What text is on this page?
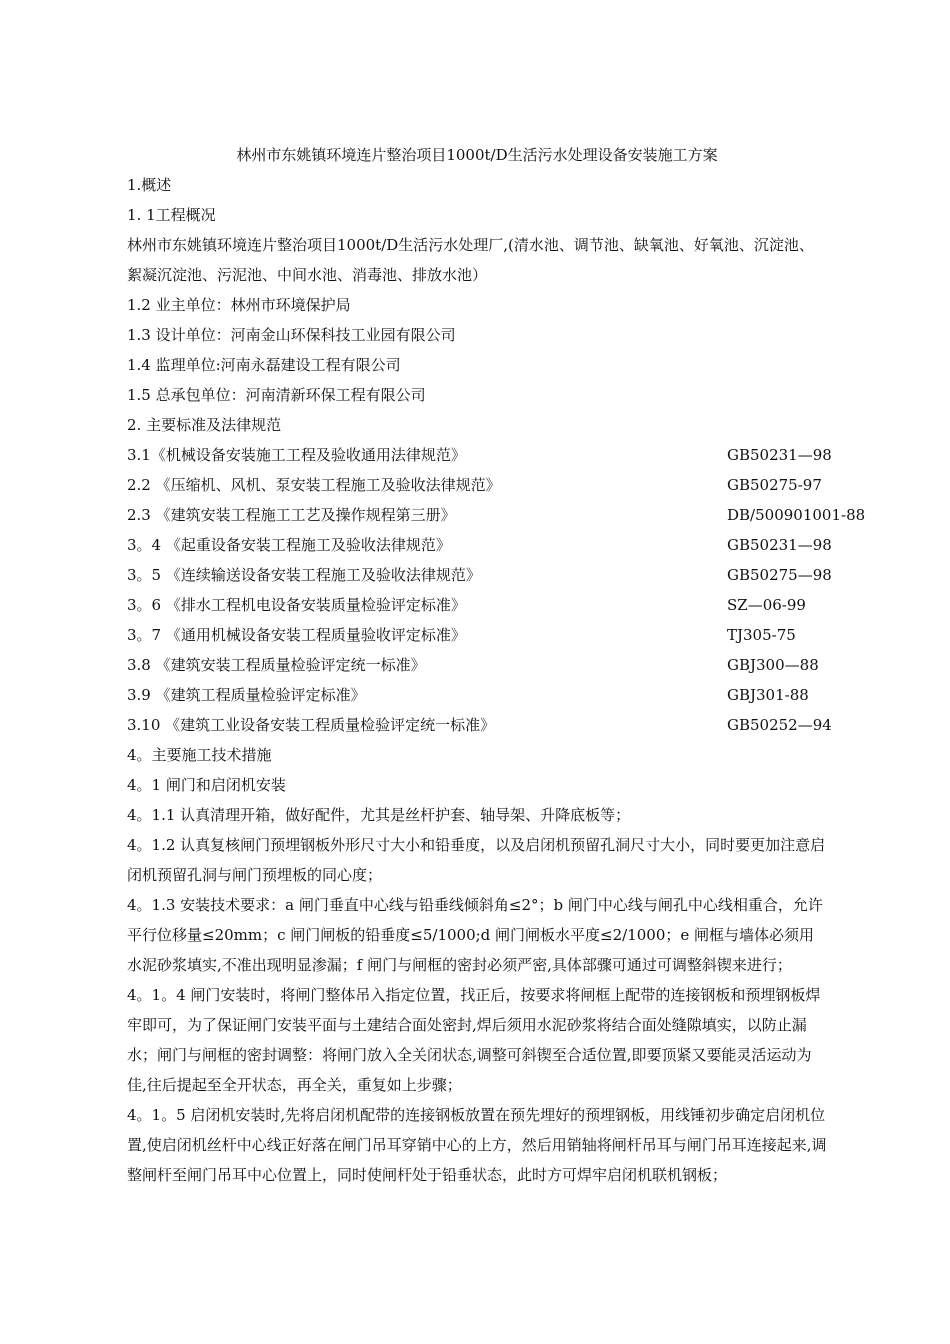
林州市东姚镇环境连片整治项目1000t/D生活污水处理设备安装施工方案

1.概述

1. 1工程概况

林州市东姚镇环境连片整治项目1000t/D生活污水处理厂,(清水池、调节池、缺氧池、好氧池、沉淀池、絮凝沉淀池、污泥池、中间水池、消毒池、排放水池）

1.2 业主单位：林州市环境保护局

1.3 设计单位：河南金山环保科技工业园有限公司

1.4 监理单位:河南永磊建设工程有限公司

1.5 总承包单位：河南清新环保工程有限公司

2. 主要标准及法律规范

3.1《机械设备安装施工工程及验收通用法律规范》	GB50231—98
2.2 《压缩机、风机、泵安装工程施工及验收法律规范》	GB50275-97
2.3 《建筑安装工程施工工艺及操作规程第三册》	DB/500901001-88
3。4 《起重设备安装工程施工及验收法律规范》	GB50231—98
3。5 《连续输送设备安装工程施工及验收法律规范》	GB50275—98
3。6 《排水工程机电设备安装质量检验评定标准》	SZ—06-99
3。7 《通用机械设备安装工程质量验收评定标准》	TJ305-75
3.8 《建筑安装工程质量检验评定统一标准》	GBJ300—88
3.9 《建筑工程质量检验评定标准》	GBJ301-88
3.10 《建筑工业设备安装工程质量检验评定统一标准》	GB50252—94

4。主要施工技术措施

4。1 闸门和启闭机安装

4。1.1 认真清理开箱，做好配件，尤其是丝杆护套、轴导架、升降底板等；

4。1.2 认真复核闸门预埋钢板外形尺寸大小和铅垂度，以及启闭机预留孔洞尺寸大小，同时要更加注意启闭机预留孔洞与闸门预埋板的同心度；

4。1.3 安装技术要求：a 闸门垂直中心线与铅垂线倾斜角≤2°；b 闸门中心线与闸孔中心线相重合，允许平行位移量≤20mm；c 闸门闸板的铅垂度≤5/1000;d 闸门闸板水平度≤2/1000；e 闸框与墙体必须用水泥砂浆填实,不准出现明显渗漏；f 闸门与闸框的密封必须严密,具体部骤可通过可调整斜锲来进行；

4。1。4 闸门安装时，将闸门整体吊入指定位置，找正后，按要求将闸框上配带的连接钢板和预埋钢板焊牢即可，为了保证闸门安装平面与土建结合面处密封,焊后须用水泥砂浆将结合面处缝隙填实，以防止漏水；闸门与闸框的密封调整：将闸门放入全关闭状态,调整可斜锲至合适位置,即要顶紧又要能灵活运动为佳,往后提起至全开状态，再全关，重复如上步骤；

4。1。5 启闭机安装时,先将启闭机配带的连接钢板放置在预先埋好的预埋钢板，用线锤初步确定启闭机位置,使启闭机丝杆中心线正好落在闸门吊耳穿销中心的上方，然后用销轴将闸杆吊耳与闸门吊耳连接起来,调整闸杆至闸门吊耳中心位置上，同时使闸杆处于铅垂状态，此时方可焊牢启闭机联机钢板；
